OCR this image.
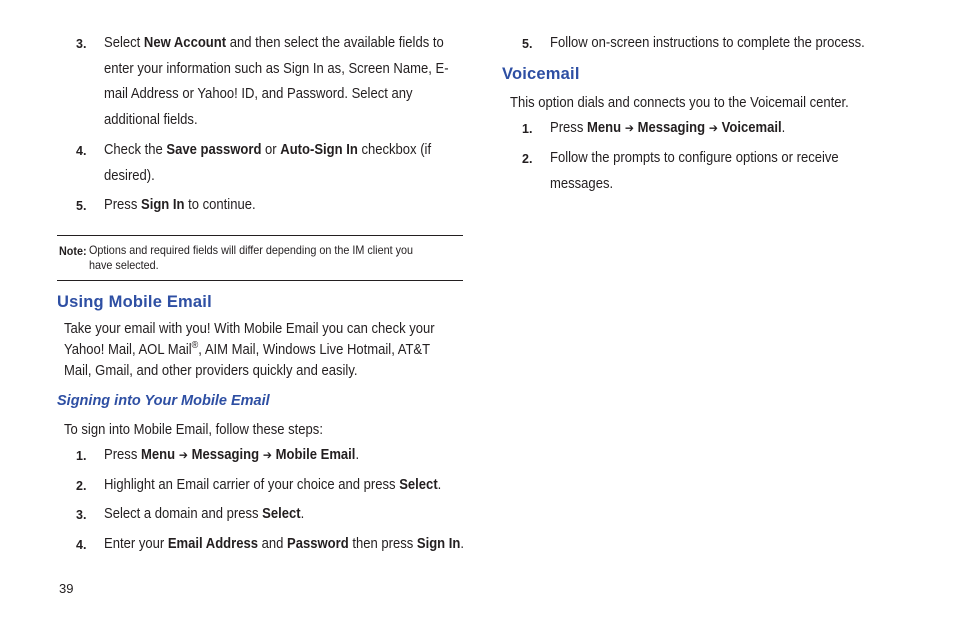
3. Select New Account and then select the available fields to
enter your information such as Sign In as, Screen Name, E-
mail Address or Yahoo! ID, and Password. Select any
additional fields.
4. Check the Save password or Auto-Sign In checkbox (if
desired).
5. Press Sign In to continue.
Note: Options and required fields will differ depending on the IM client you
have selected.
Using Mobile Email
Take your email with you! With Mobile Email you can check your
Yahoo! Mail, AOL Mail®, AIM Mail, Windows Live Hotmail, AT&T
Mail, Gmail, and other providers quickly and easily.
Signing into Your Mobile Email
To sign into Mobile Email, follow these steps:
1. Press Menu ➔ Messaging ➔ Mobile Email.
2. Highlight an Email carrier of your choice and press Select.
3. Select a domain and press Select.
4. Enter your Email Address and Password then press Sign In.
39
5. Follow on-screen instructions to complete the process.
Voicemail
This option dials and connects you to the Voicemail center.
1. Press Menu ➔ Messaging ➔ Voicemail.
2. Follow the prompts to configure options or receive
messages.
